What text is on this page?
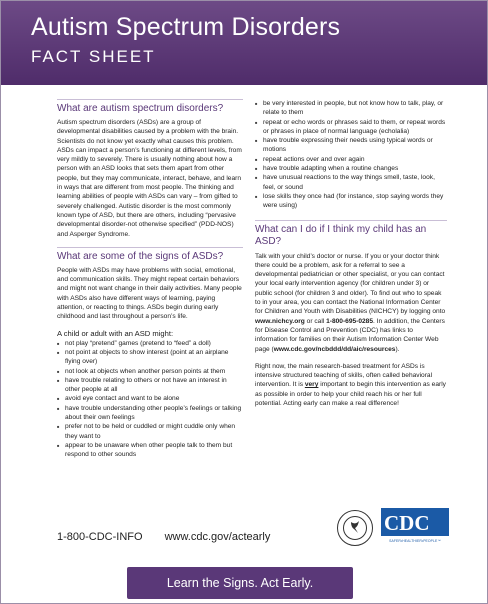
Autism Spectrum Disorders
FACT SHEET
What are autism spectrum disorders?

Autism spectrum disorders (ASDs) are a group of developmental disabilities caused by a problem with the brain. Scientists do not know yet exactly what causes this problem. ASDs can impact a person’s functioning at different levels, from very mildly to severely. There is usually nothing about how a person with an ASD looks that sets them apart from other people, but they may communicate, interact, behave, and learn in ways that are different from most people. The thinking and learning abilities of people with ASDs can vary – from gifted to severely challenged. Autistic disorder is the most commonly known type of ASD, but there are others, including “pervasive developmental disorder-not otherwise specified” (PDD-NOS) and Asperger Syndrome.

What are some of the signs of ASDs?

People with ASDs may have problems with social, emotional, and communication skills. They might repeat certain behaviors and might not want change in their daily activities. Many people with ASDs also have different ways of learning, paying attention, or reacting to things. ASDs begin during early childhood and last throughout a person’s life.

A child or adult with an ASD might:
■ not play “pretend” games (pretend to “feed” a doll)
■ not point at objects to show interest (point at an airplane flying over)
■ not look at objects when another person points at them
■ have trouble relating to others or not have an interest in other people at all
■ avoid eye contact and want to be alone
■ have trouble understanding other people’s feelings or talking about their own feelings
■ prefer not to be held or cuddled or might cuddle only when they want to
■ appear to be unaware when other people talk to them but respond to other sounds
■ be very interested in people, but not know how to talk, play, or relate to them
■ repeat or echo words or phrases said to them, or repeat words or phrases in place of normal language (echolalia)
■ have trouble expressing their needs using typical words or motions
■ repeat actions over and over again
■ have trouble adapting when a routine changes
■ have unusual reactions to the way things smell, taste, look, feel, or sound
■ lose skills they once had (for instance, stop saying words they were using)
What can I do if I think my child has an ASD?

Talk with your child’s doctor or nurse. If you or your doctor think there could be a problem, ask for a referral to see a developmental pediatrician or other specialist, or you can contact your local early intervention agency (for children under 3) or public school (for children 3 and older). To find out who to speak to in your area, you can contact the National Information Center for Children and Youth with Disabilities (NICHCY) by logging onto www.nichcy.org or call 1-800-695-0285. In addition, the Centers for Disease Control and Prevention (CDC) has links to information for families on their Autism Information Center Web page (www.cdc.gov/ncbddd/dd/aic/resources).

Right now, the main research-based treatment for ASDs is intensive structured teaching of skills, often called behavioral intervention. It is very important to begin this intervention as early as possible in order to help your child reach his or her full potential. Acting early can make a real difference!

1-800-CDC-INFO www.cdc.gov/actearly
CDC
SAFER•HEALTHIER•PEOPLE™
Learn the Signs. Act Early.
